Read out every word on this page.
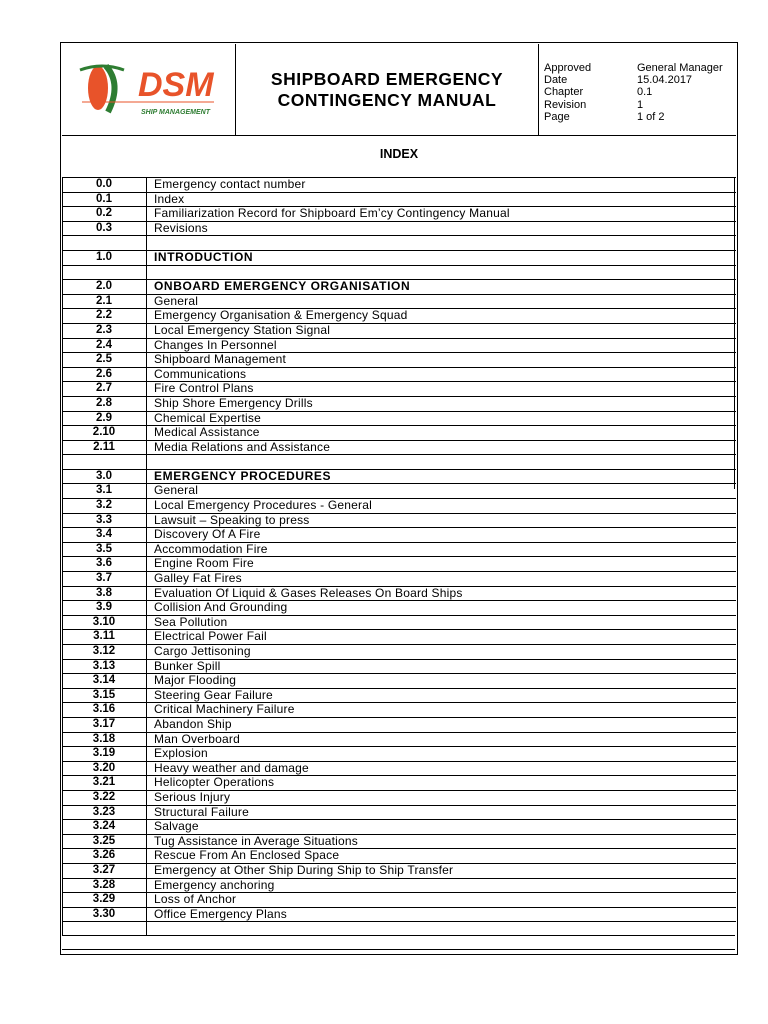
DSM
SHIP MANAGEMENT
SHIPBOARD EMERGENCY
CONTINGENCY MANUAL
Approved	General Manager
Date	15.04.2017
Chapter	0.1
Revision	1
Page	1 of 2
INDEX
0.0	Emergency contact number
0.1	Index
0.2	Familiarization Record for Shipboard Em’cy Contingency Manual
0.3	Revisions
1.0	INTRODUCTION
2.0	ONBOARD EMERGENCY ORGANISATION
2.1	General
2.2	Emergency Organisation & Emergency Squad
2.3	Local Emergency Station Signal
2.4	Changes In Personnel
2.5	Shipboard Management
2.6	Communications
2.7	Fire Control Plans
2.8	Ship Shore Emergency Drills
2.9	Chemical Expertise
2.10	Medical Assistance
2.11	Media Relations and Assistance
3.0	EMERGENCY PROCEDURES
3.1	General
3.2	Local Emergency Procedures - General
3.3	Lawsuit – Speaking to press
3.4	Discovery Of A Fire
3.5	Accommodation Fire
3.6	Engine Room Fire
3.7	Galley Fat Fires
3.8	Evaluation Of Liquid & Gases Releases On Board Ships
3.9	Collision And Grounding
3.10	Sea Pollution
3.11	Electrical Power Fail
3.12	Cargo Jettisoning
3.13	Bunker Spill
3.14	Major Flooding
3.15	Steering Gear Failure
3.16	Critical Machinery Failure
3.17	Abandon Ship
3.18	Man Overboard
3.19	Explosion
3.20	Heavy weather and damage
3.21	Helicopter Operations
3.22	Serious Injury
3.23	Structural Failure
3.24	Salvage
3.25	Tug Assistance in Average Situations
3.26	Rescue From An Enclosed Space
3.27	Emergency at Other Ship During Ship to Ship Transfer
3.28	Emergency anchoring
3.29	Loss of Anchor
3.30	Office Emergency Plans
